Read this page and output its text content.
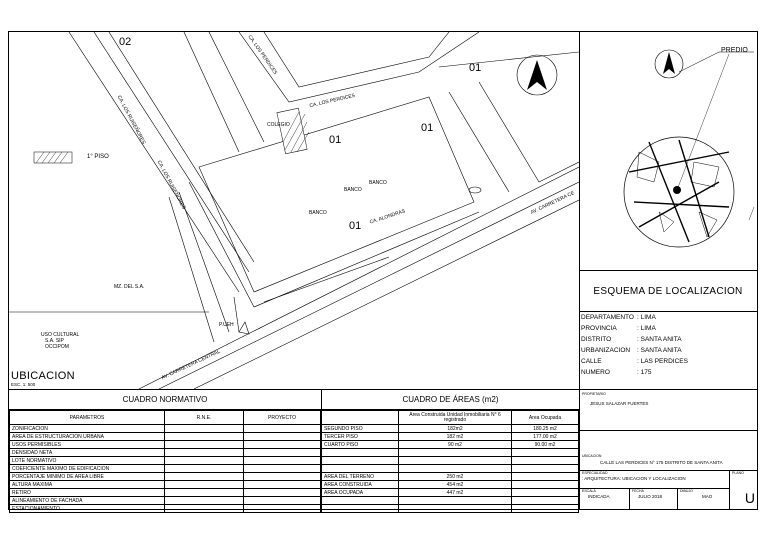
CA. LOS PERDICES
CA. LOS PERDICES
CA. LOS RUISEÑORES
CA. LOS RUISEÑORES
CA. ALONDRAS
AV. CARRETERA CENTRAL
AV. CARRETERA CE
01
01
01
01
02
COLEGIO
BANCO
BANCO
BANCO
USO CULTURAL
S.A. SIP
OCCIPOM
MZ. DEL S.A.
P.UEH
1° PISO
UBICACION
ESC. 1: 500
PREDIO
ESQUEMA DE LOCALIZACION
DEPARTAMENTO : LIMA
PROVINCIA	: LIMA
DISTRITO	: SANTA ANITA
URBANIZACION	: SANTA ANITA
CALLE	: LAS PERDICES
NUMERO	: 175
CUADRO NORMATIVO
PARAMETROS	R.N.E.	PROYECTO
ZONIFICACION		
AREA DE ESTRUCTURACION URBANA		
USOS PERMISIBLES		
DENSIDAD NETA		
LOTE NORMATIVO		
COEFICIENTE MAXIMO DE EDIFICACION		
PORCENTAJE MINIMO DE AREA LIBRE		
ALTURA MAXIMA		
RETIRO		
ALINEAMIENTO DE FACHADA		
ESTACIONAMIENTO		
CUADRO DE ÁREAS (m2)
	Area Construida Unidad Inmobiliaria N° 6 registrado	Area Ocupada
SEGUNDO PISO	182m2	180.25 m2
TERCER PISO	182 m2	177.00 m2
CUARTO PISO	90 m2	90.00 m2

AREA DEL TERRENO	250 m2	
AREA CONSTRUIDA	454 m2	
AREA OCUPADA	447 m2	

PROPIETARIO
JESUS SALAZAR FUERTES
UBICACION
CALLE LAS PERDICES N° 175 DISTRITO DE SANTA ANITA
ESPECIALIDAD
: ARQUITECTURA: UBICACION Y LOCALIZACION
PLANO
U
ESCALA
INDICADA
FECHA
JULIO 2018
DIBUJO
MAO
